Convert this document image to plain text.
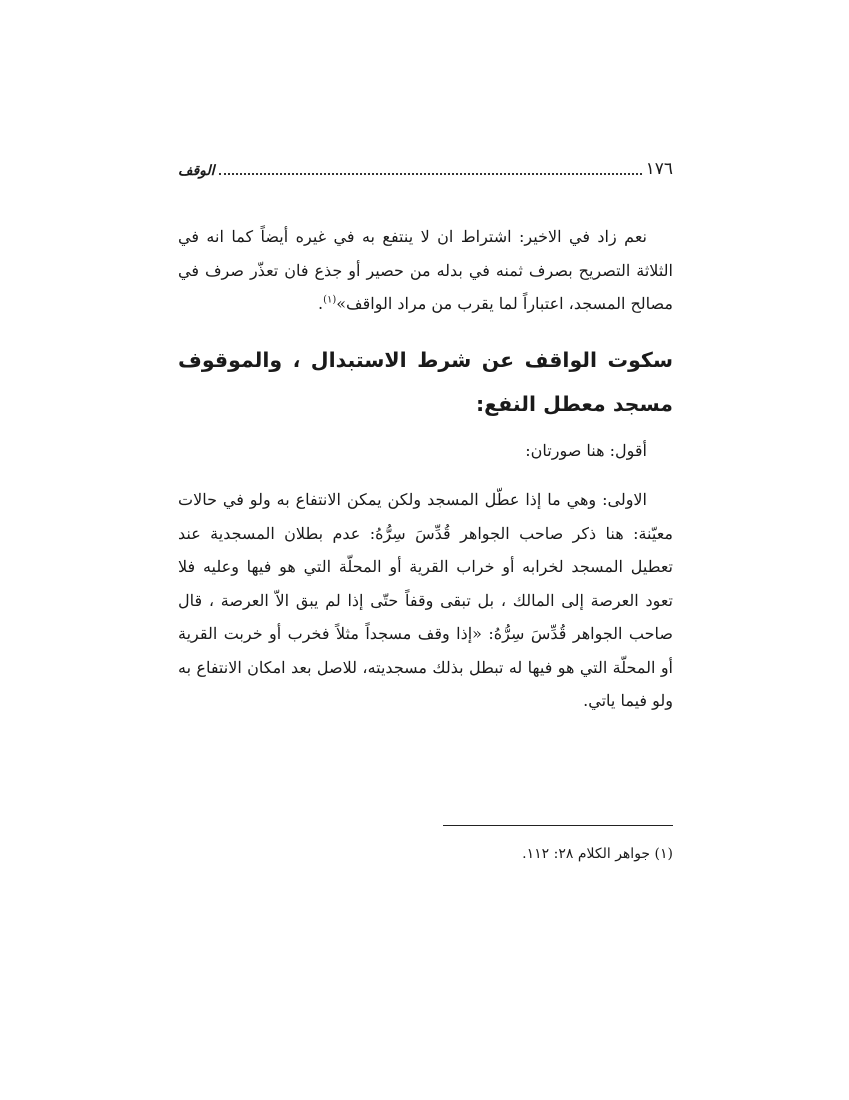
١٧٦
الوقف

نعم زاد في الاخير: اشتراط ان لا ينتفع به في غيره أيضاً كما انه في الثلاثة التصريح بصرف ثمنه في بدله من حصير أو جذع فان تعذّر صرف في مصالح المسجد، اعتباراً لما يقرب من مراد الواقف»$^{(١)}$.

سكوت الواقف عن شرط الاستبدال ، والموقوف مسجد معطل النفع:

أقول: هنا صورتان:

الاولى: وهي ما إذا عطّل المسجد ولكن يمكن الانتفاع به ولو في حالات معيّنة: هنا ذكر صاحب الجواهر قُدِّسَ سِرُّهُ: عدم بطلان المسجدية عند تعطيل المسجد لخرابه أو خراب القرية أو المحلّة التي هو فيها وعليه فلا تعود العرصة إلى المالك ، بل تبقى وقفاً حتّى إذا لم يبق الاّ العرصة ، قال صاحب الجواهر قُدِّسَ سِرُّهُ: «إذا وقف مسجداً مثلاً فخرب أو خربت القرية أو المحلّة التي هو فيها له تبطل بذلك مسجديته، للاصل بعد امكان الانتفاع به ولو فيما ياتي.

(١) جواهر الكلام ٢٨: ١١٢.
